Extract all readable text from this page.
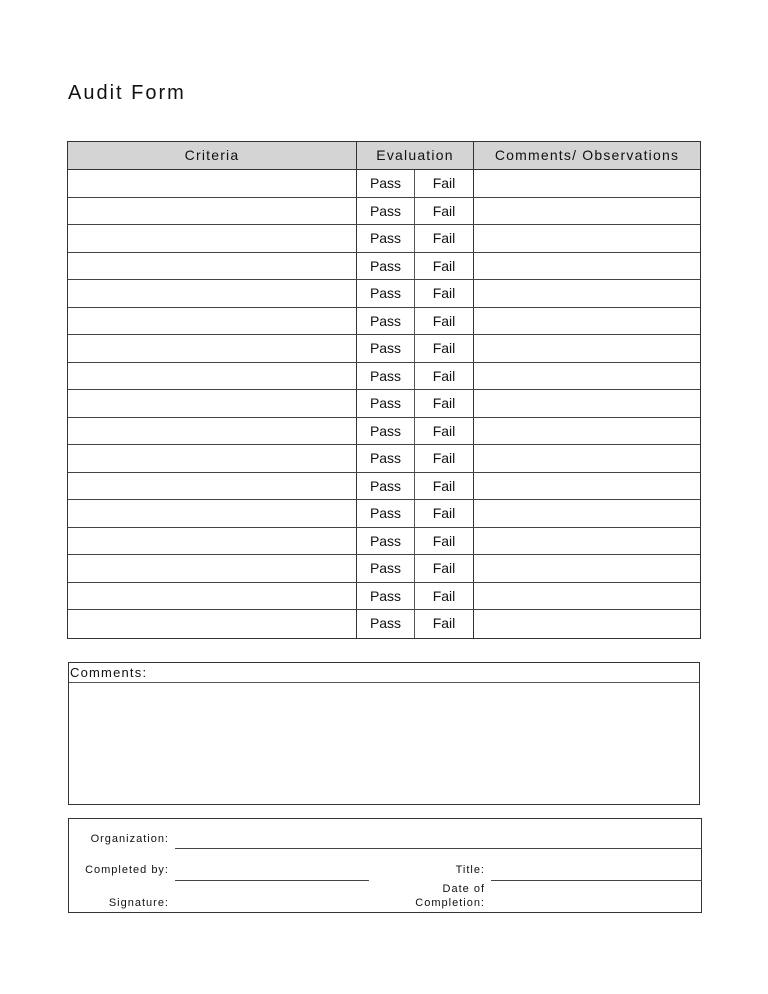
Audit Form
Criteria	Evaluation	Comments/ Observations
Pass	Fail
Pass	Fail
Pass	Fail
Pass	Fail
Pass	Fail
Pass	Fail
Pass	Fail
Pass	Fail
Pass	Fail
Pass	Fail
Pass	Fail
Pass	Fail
Pass	Fail
Pass	Fail
Pass	Fail
Pass	Fail
Pass	Fail
Comments:
Organization:
Completed by:	Title:
Signature:
Date of
Completion:
